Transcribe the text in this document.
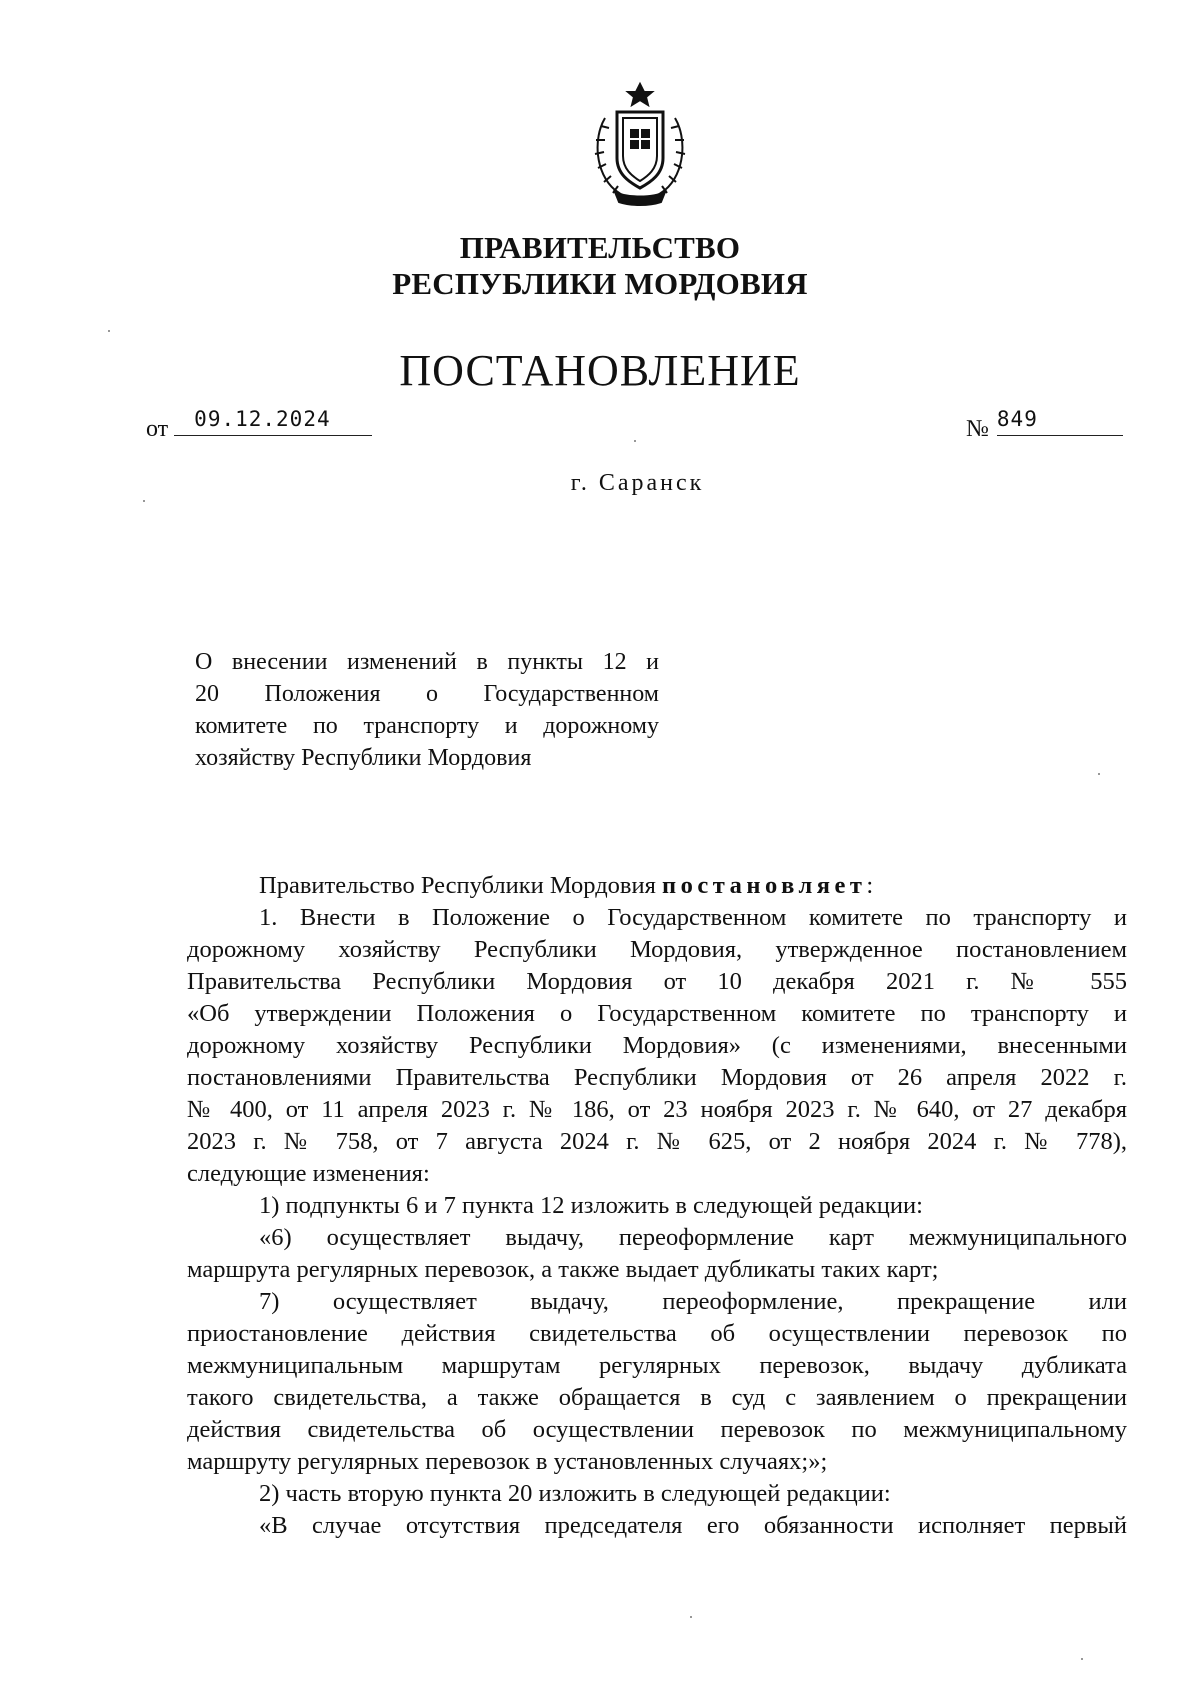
ПРАВИТЕЛЬСТВО
РЕСПУБЛИКИ МОРДОВИЯ
ПОСТАНОВЛЕНИЕ
от 09.12.2024	№ 849
г. Саранск

О внесении изменений в пункты 12 и

20 Положения о Государственном

комитете по транспорту и дорожному

хозяйству Республики Мордовия

Правительство Республики Мордовия постановляет:
1. Внести в Положение о Государственном комитете по транспорту и
дорожному хозяйству Республики Мордовия, утвержденное постановлением
Правительства Республики Мордовия от 10 декабря 2021 г. № 555
«Об утверждении Положения о Государственном комитете по транспорту и
дорожному хозяйству Республики Мордовия» (с изменениями, внесенными
постановлениями Правительства Республики Мордовия от 26 апреля 2022 г.
№ 400, от 11 апреля 2023 г. № 186, от 23 ноября 2023 г. № 640, от 27 декабря
2023 г. № 758, от 7 августа 2024 г. № 625, от 2 ноября 2024 г. № 778),
следующие изменения:
1) подпункты 6 и 7 пункта 12 изложить в следующей редакции:
«6) осуществляет выдачу, переоформление карт межмуниципального
маршрута регулярных перевозок, а также выдает дубликаты таких карт;
7) осуществляет выдачу, переоформление, прекращение или
приостановление действия свидетельства об осуществлении перевозок по
межмуниципальным маршрутам регулярных перевозок, выдачу дубликата
такого свидетельства, а также обращается в суд с заявлением о прекращении
действия свидетельства об осуществлении перевозок по межмуниципальному
маршруту регулярных перевозок в установленных случаях;»;
2) часть вторую пункта 20 изложить в следующей редакции:
«В случае отсутствия председателя его обязанности исполняет первый
